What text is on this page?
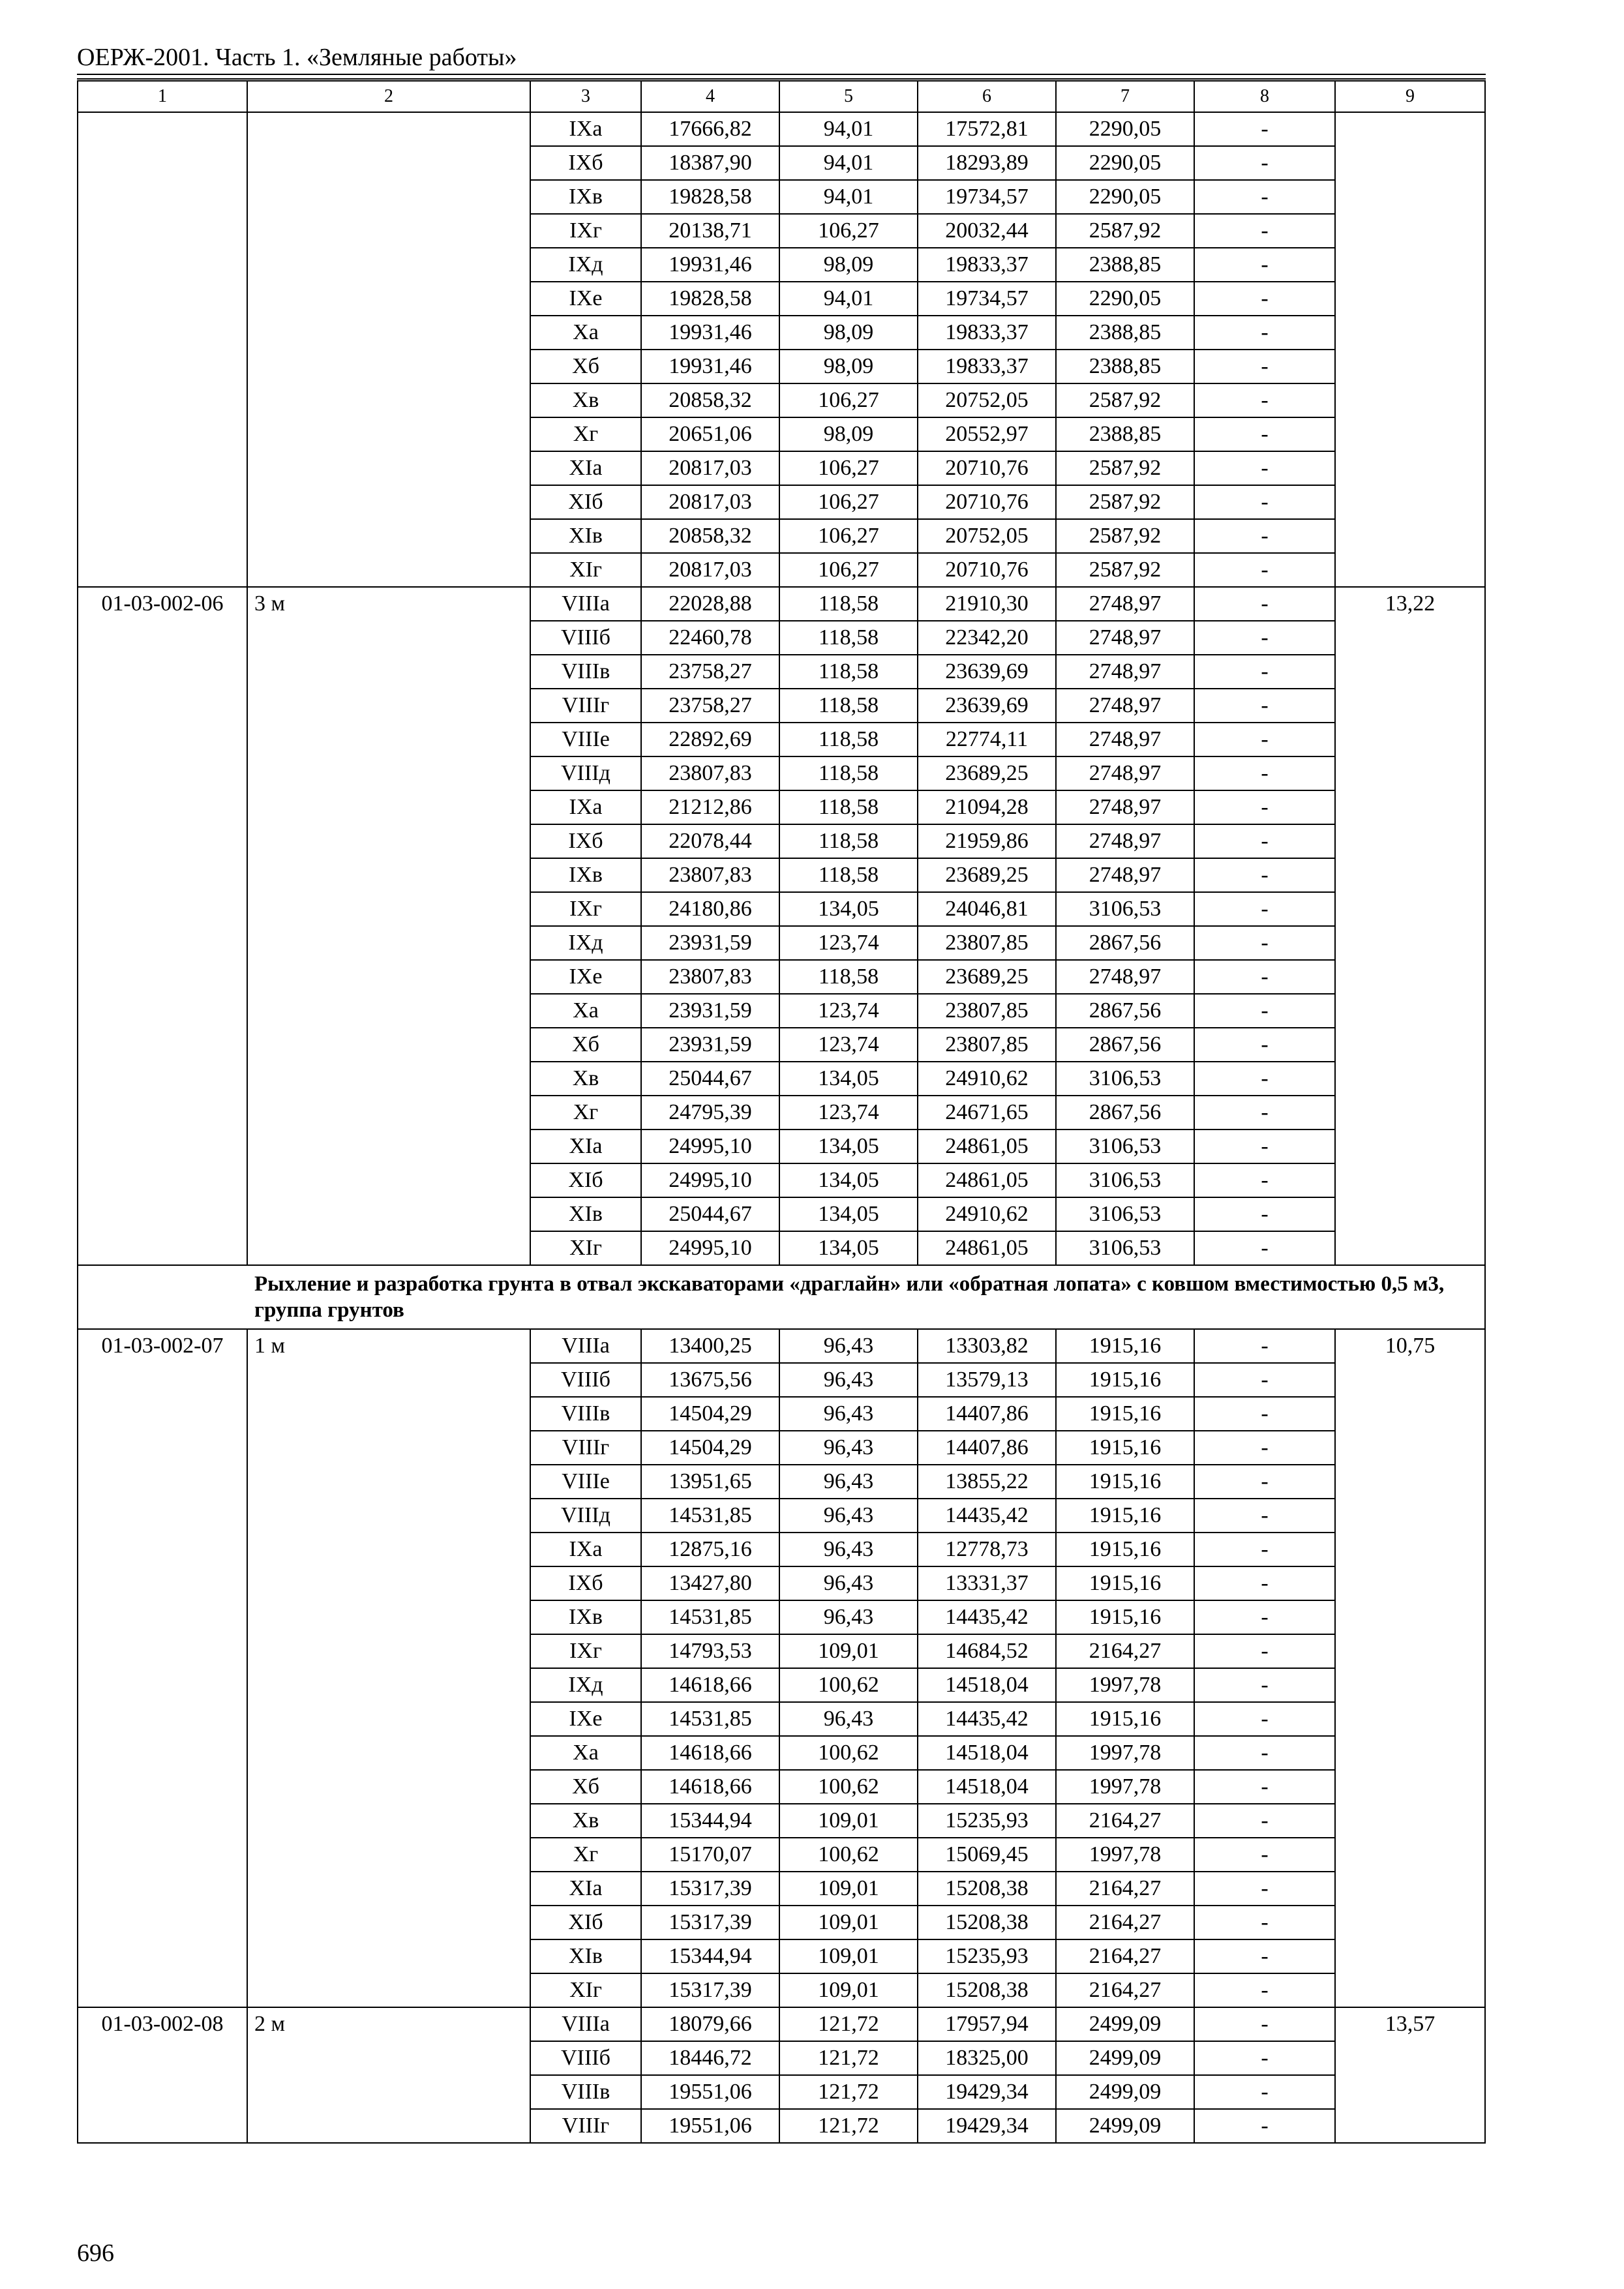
ОЕРЖ-2001. Часть 1. «Земляные работы»
1	2	3	4	5	6	7	8	9
		IXа	17666,82	94,01	17572,81	2290,05	-	
		IXб	18387,90	94,01	18293,89	2290,05	-	
		IXв	19828,58	94,01	19734,57	2290,05	-	
		IXг	20138,71	106,27	20032,44	2587,92	-	
		IXд	19931,46	98,09	19833,37	2388,85	-	
		IXе	19828,58	94,01	19734,57	2290,05	-	
		Xа	19931,46	98,09	19833,37	2388,85	-	
		Xб	19931,46	98,09	19833,37	2388,85	-	
		Xв	20858,32	106,27	20752,05	2587,92	-	
		Xг	20651,06	98,09	20552,97	2388,85	-	
		XIа	20817,03	106,27	20710,76	2587,92	-	
		XIб	20817,03	106,27	20710,76	2587,92	-	
		XIв	20858,32	106,27	20752,05	2587,92	-	
		XIг	20817,03	106,27	20710,76	2587,92	-	
01-03-002-06	3 м	VIIIа	22028,88	118,58	21910,30	2748,97	-	13,22
		VIIIб	22460,78	118,58	22342,20	2748,97	-	
		VIIIв	23758,27	118,58	23639,69	2748,97	-	
		VIIIг	23758,27	118,58	23639,69	2748,97	-	
		VIIIе	22892,69	118,58	22774,11	2748,97	-	
		VIIIд	23807,83	118,58	23689,25	2748,97	-	
		IXа	21212,86	118,58	21094,28	2748,97	-	
		IXб	22078,44	118,58	21959,86	2748,97	-	
		IXв	23807,83	118,58	23689,25	2748,97	-	
		IXг	24180,86	134,05	24046,81	3106,53	-	
		IXд	23931,59	123,74	23807,85	2867,56	-	
		IXе	23807,83	118,58	23689,25	2748,97	-	
		Xа	23931,59	123,74	23807,85	2867,56	-	
		Xб	23931,59	123,74	23807,85	2867,56	-	
		Xв	25044,67	134,05	24910,62	3106,53	-	
		Xг	24795,39	123,74	24671,65	2867,56	-	
		XIа	24995,10	134,05	24861,05	3106,53	-	
		XIб	24995,10	134,05	24861,05	3106,53	-	
		XIв	25044,67	134,05	24910,62	3106,53	-	
		XIг	24995,10	134,05	24861,05	3106,53	-	

Рыхление и разработка грунта в отвал экскаваторами «драглайн» или «обратная лопата» с ковшом вместимостью 0,5 м3, группа грунтов								

01-03-002-07	1 м	VIIIа	13400,25	96,43	13303,82	1915,16	-	10,75
		VIIIб	13675,56	96,43	13579,13	1915,16	-	
		VIIIв	14504,29	96,43	14407,86	1915,16	-	
		VIIIг	14504,29	96,43	14407,86	1915,16	-	
		VIIIе	13951,65	96,43	13855,22	1915,16	-	
		VIIIд	14531,85	96,43	14435,42	1915,16	-	
		IXа	12875,16	96,43	12778,73	1915,16	-	
		IXб	13427,80	96,43	13331,37	1915,16	-	
		IXв	14531,85	96,43	14435,42	1915,16	-	
		IXг	14793,53	109,01	14684,52	2164,27	-	
		IXд	14618,66	100,62	14518,04	1997,78	-	
		IXе	14531,85	96,43	14435,42	1915,16	-	
		Xа	14618,66	100,62	14518,04	1997,78	-	
		Xб	14618,66	100,62	14518,04	1997,78	-	
		Xв	15344,94	109,01	15235,93	2164,27	-	
		Xг	15170,07	100,62	15069,45	1997,78	-	
		XIа	15317,39	109,01	15208,38	2164,27	-	
		XIб	15317,39	109,01	15208,38	2164,27	-	
		XIв	15344,94	109,01	15235,93	2164,27	-	
		XIг	15317,39	109,01	15208,38	2164,27	-	
01-03-002-08	2 м	VIIIа	18079,66	121,72	17957,94	2499,09	-	13,57
		VIIIб	18446,72	121,72	18325,00	2499,09	-	
		VIIIв	19551,06	121,72	19429,34	2499,09	-	
		VIIIг	19551,06	121,72	19429,34	2499,09	-	
696
